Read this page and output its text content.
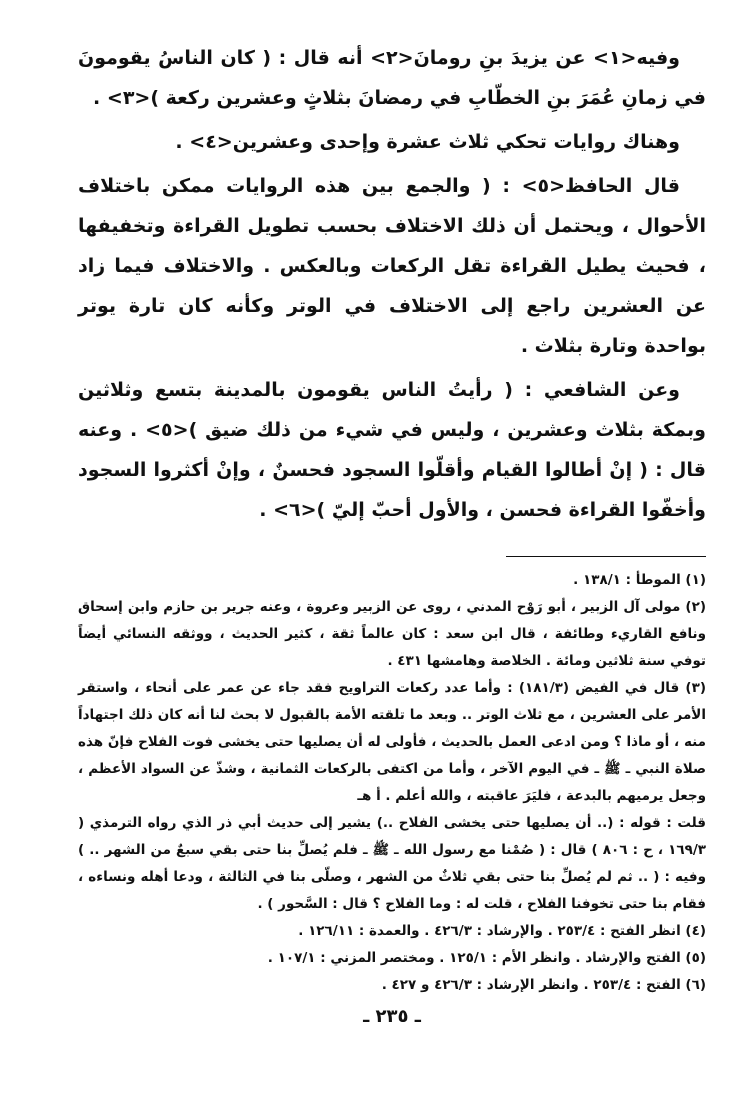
وفيه<١> عن يزيدَ بنِ رومانَ<٢> أنه قال : ( كان الناسُ يقومونَ في زمانِ عُمَرَ بنِ الخطّابِ في رمضانَ بثلاثٍ وعشرين ركعة )<٣> .

وهناك روايات تحكي ثلاث عشرة وإحدى وعشرين<٤> .

قال الحافظ<٥> : ( والجمع بين هذه الروايات ممكن باختلاف الأحوال ، ويحتمل أن ذلك الاختلاف بحسب تطويل القراءة وتخفيفها ، فحيث يطيل القراءة تقل الركعات وبالعكس . والاختلاف فيما زاد عن العشرين راجع إلى الاختلاف في الوتر وكأنه كان تارة يوتر بواحدة وتارة بثلاث .

وعن الشافعي : ( رأيتُ الناس يقومون بالمدينة بتسع وثلاثين وبمكة بثلاث وعشرين ، وليس في شيء من ذلك ضيق )<٥> . وعنه قال : ( إنْ أطالوا القيام وأقلّوا السجود فحسنٌ ، وإنْ أكثروا السجود وأخفّوا القراءة فحسن ، والأول أحبّ إليّ )<٦> .

(١) الموطأ : ١٣٨/١ .

(٢) مولى آل الزبير ، أبو رَوْح المدني ، روى عن الزبير وعروة ، وعنه جرير بن حازم وابن إسحاق ونافع القاريء وطائفة ، قال ابن سعد : كان عالماً ثقة ، كثير الحديث ، ووثقه النسائي أيضاً توفي سنة ثلاثين ومائة . الخلاصة وهامشها ٤٣١ .

(٣) قال في الفيض (١٨١/٣) : وأما عدد ركعات التراويح فقد جاء عن عمر على أنحاء ، واستقر الأمر على العشرين ، مع ثلاث الوتر .. وبعد ما تلقته الأمة بالقبول لا بحث لنا أنه كان ذلك اجتهاداً منه ، أو ماذا ؟ ومن ادعى العمل بالحديث ، فأولى له أن يصليها حتى يخشى فوت الفلاح فإنّ هذه صلاة النبي ـ ﷺ ـ في اليوم الآخر ، وأما من اكتفى بالركعات الثمانية ، وشذّ عن السواد الأعظم ، وجعل يرميهم بالبدعة ، فليَرَ عاقبته ، والله أعلم . أ هـ

قلت : قوله : (.. أن يصليها حتى يخشى الفلاح ..) يشير إلى حديث أبي ذر الذي رواه الترمذي ( ١٦٩/٣ ، ح : ٨٠٦ ) قال : ( صُمْنا مع رسول الله ـ ﷺ ـ فلم يُصلِّ بنا حتى بقي سبعٌ من الشهر .. ) وفيه : ( .. ثم لم يُصلِّ بنا حتى بقي ثلاثٌ من الشهر ، وصلّى بنا في الثالثة ، ودعا أهله ونساءه ، فقام بنا حتى تخوفنا الفلاح ، قلت له : وما الفلاح ؟ قال : السَّحور ) .

(٤) انظر الفتح : ٢٥٣/٤ . والإرشاد : ٤٢٦/٣ . والعمدة : ١٢٦/١١ .

(٥) الفتح والإرشاد . وانظر الأم : ١٢٥/١ . ومختصر المزني : ١٠٧/١ .

(٦) الفتح : ٢٥٣/٤ . وانظر الإرشاد : ٤٢٦/٣ و ٤٢٧ .

ـ ٢٣٥ ـ
